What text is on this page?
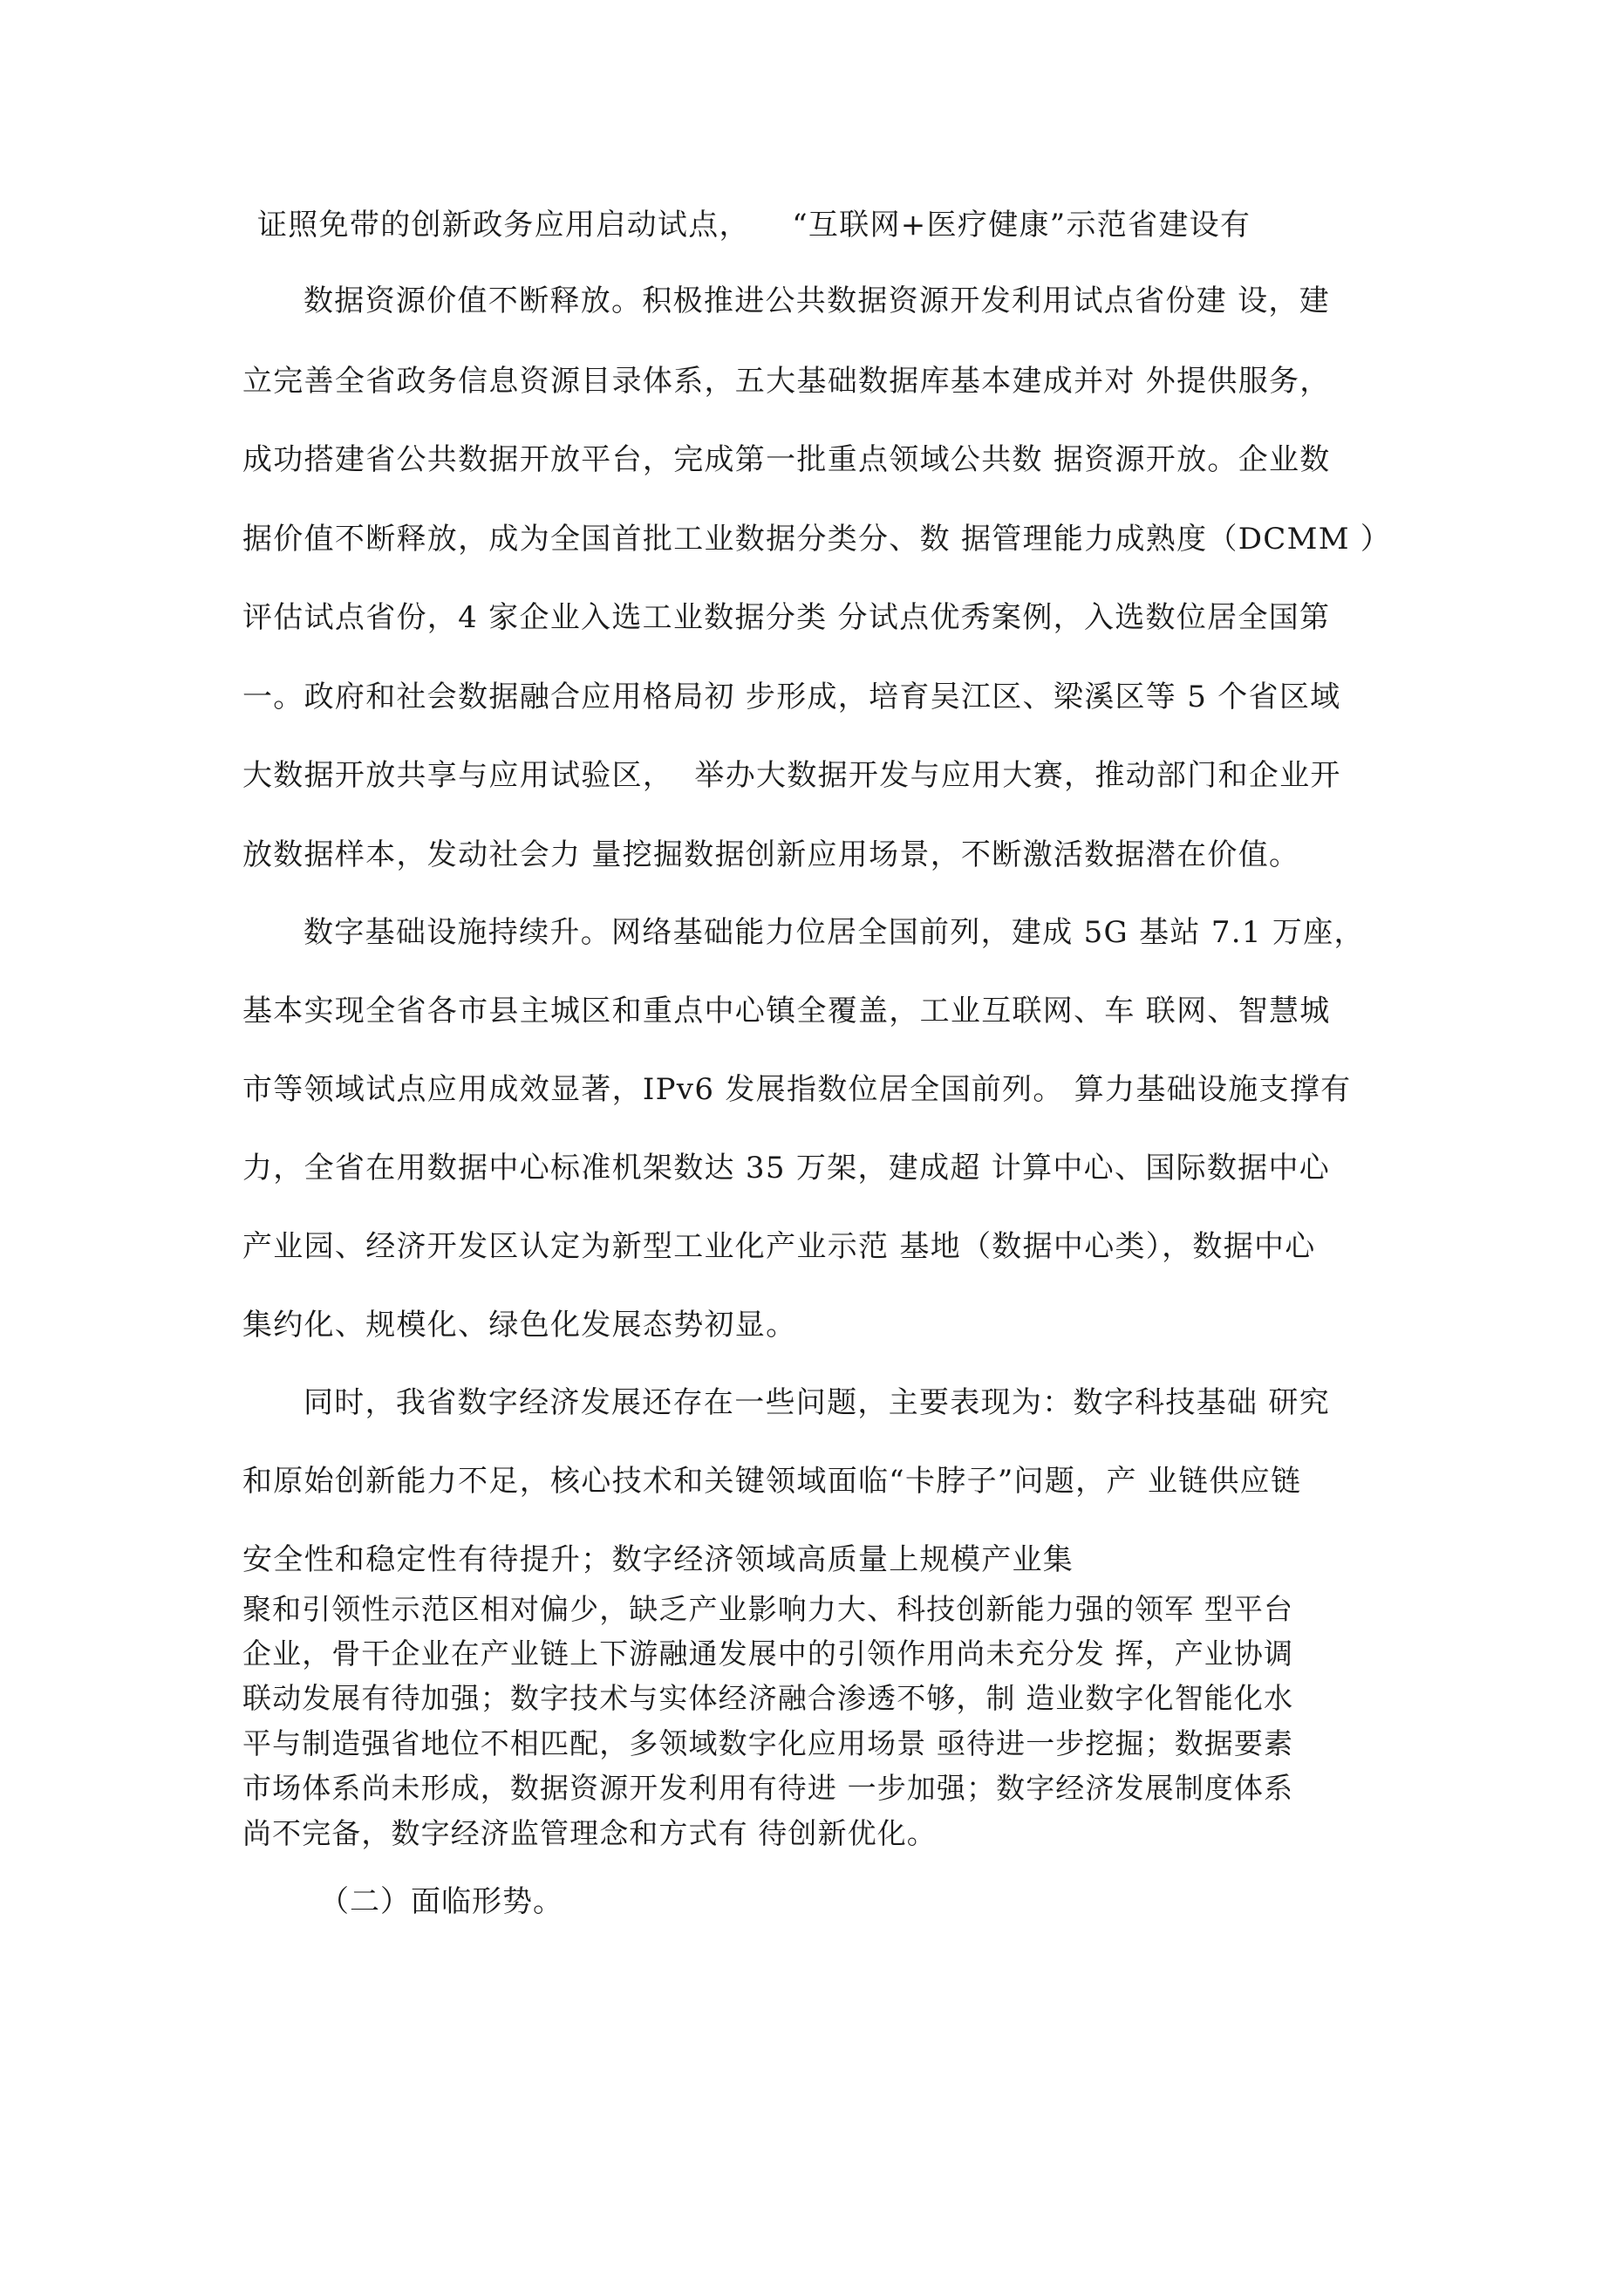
证照免带的创新政务应用启动试点，    “互联网+医疗健康”示范省建设有
数据资源价值不断释放。积极推进公共数据资源开发利用试点省份建 设，建
立完善全省政务信息资源目录体系，五大基础数据库基本建成并对 外提供服务，
成功搭建省公共数据开放平台，完成第一批重点领域公共数 据资源开放。企业数
据价值不断释放，成为全国首批工业数据分类分、数 据管理能力成熟度（DCMM ）
评估试点省份，4 家企业入选工业数据分类 分试点优秀案例，入选数位居全国第
一。政府和社会数据融合应用格局初 步形成，培育吴江区、梁溪区等 5 个省区域
大数据开放共享与应用试验区，  举办大数据开发与应用大赛，推动部门和企业开
放数据样本，发动社会力 量挖掘数据创新应用场景，不断激活数据潜在价值。
数字基础设施持续升。网络基础能力位居全国前列，建成 5G 基站 7.1 万座，
基本实现全省各市县主城区和重点中心镇全覆盖，工业互联网、车 联网、智慧城
市等领域试点应用成效显著，IPv6 发展指数位居全国前列。 算力基础设施支撑有
力，全省在用数据中心标准机架数达 35 万架，建成超 计算中心、国际数据中心
产业园、经济开发区认定为新型工业化产业示范 基地（数据中心类），数据中心
集约化、规模化、绿色化发展态势初显。
同时，我省数字经济发展还存在一些问题，主要表现为：数字科技基础 研究
和原始创新能力不足，核心技术和关键领域面临“卡脖子”问题，产 业链供应链
安全性和稳定性有待提升；数字经济领域高质量上规模产业集
聚和引领性示范区相对偏少，缺乏产业影响力大、科技创新能力强的领军 型平台
企业，骨干企业在产业链上下游融通发展中的引领作用尚未充分发 挥，产业协调
联动发展有待加强；数字技术与实体经济融合渗透不够，制 造业数字化智能化水
平与制造强省地位不相匹配，多领域数字化应用场景 亟待进一步挖掘；数据要素
市场体系尚未形成，数据资源开发利用有待进 一步加强；数字经济发展制度体系
尚不完备，数字经济监管理念和方式有 待创新优化。
（二）面临形势。
